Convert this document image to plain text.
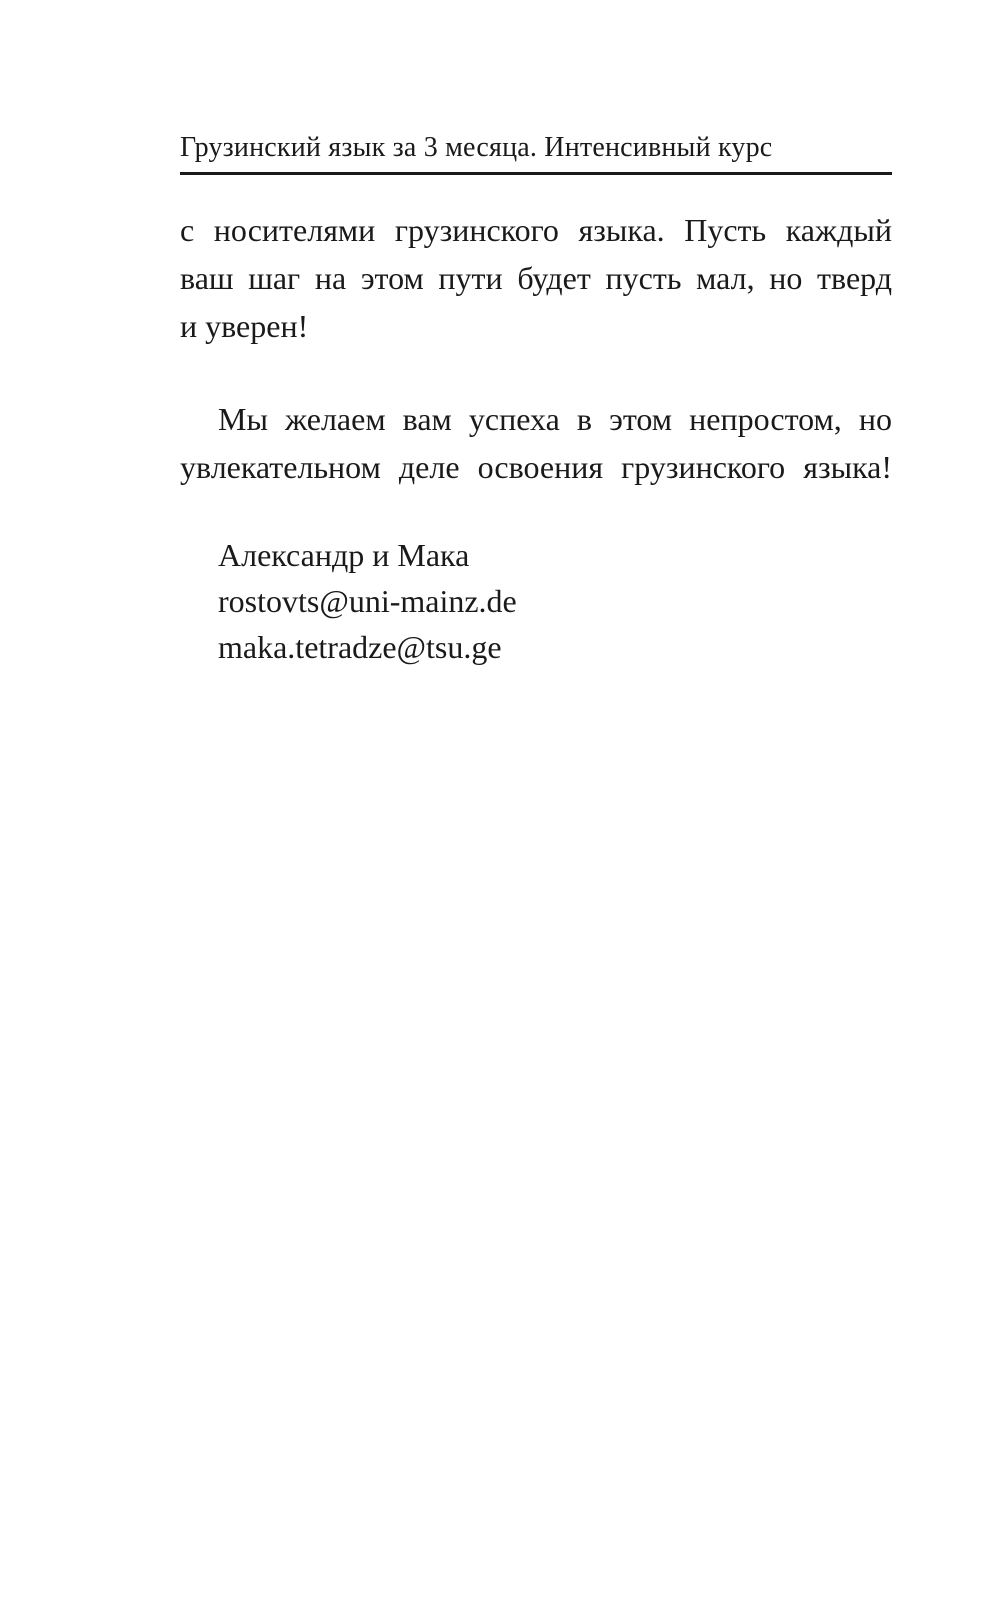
Грузинский язык за 3 месяца. Интенсивный курс
с носителями грузинского языка. Пусть каждый
ваш шаг на этом пути будет пусть мал, но тверд
и уверен!
Мы желаем вам успеха в этом непростом, но
увлекательном деле освоения грузинского языка!
Александр и Мака
rostovts@uni-mainz.de
maka.tetradze@tsu.ge
